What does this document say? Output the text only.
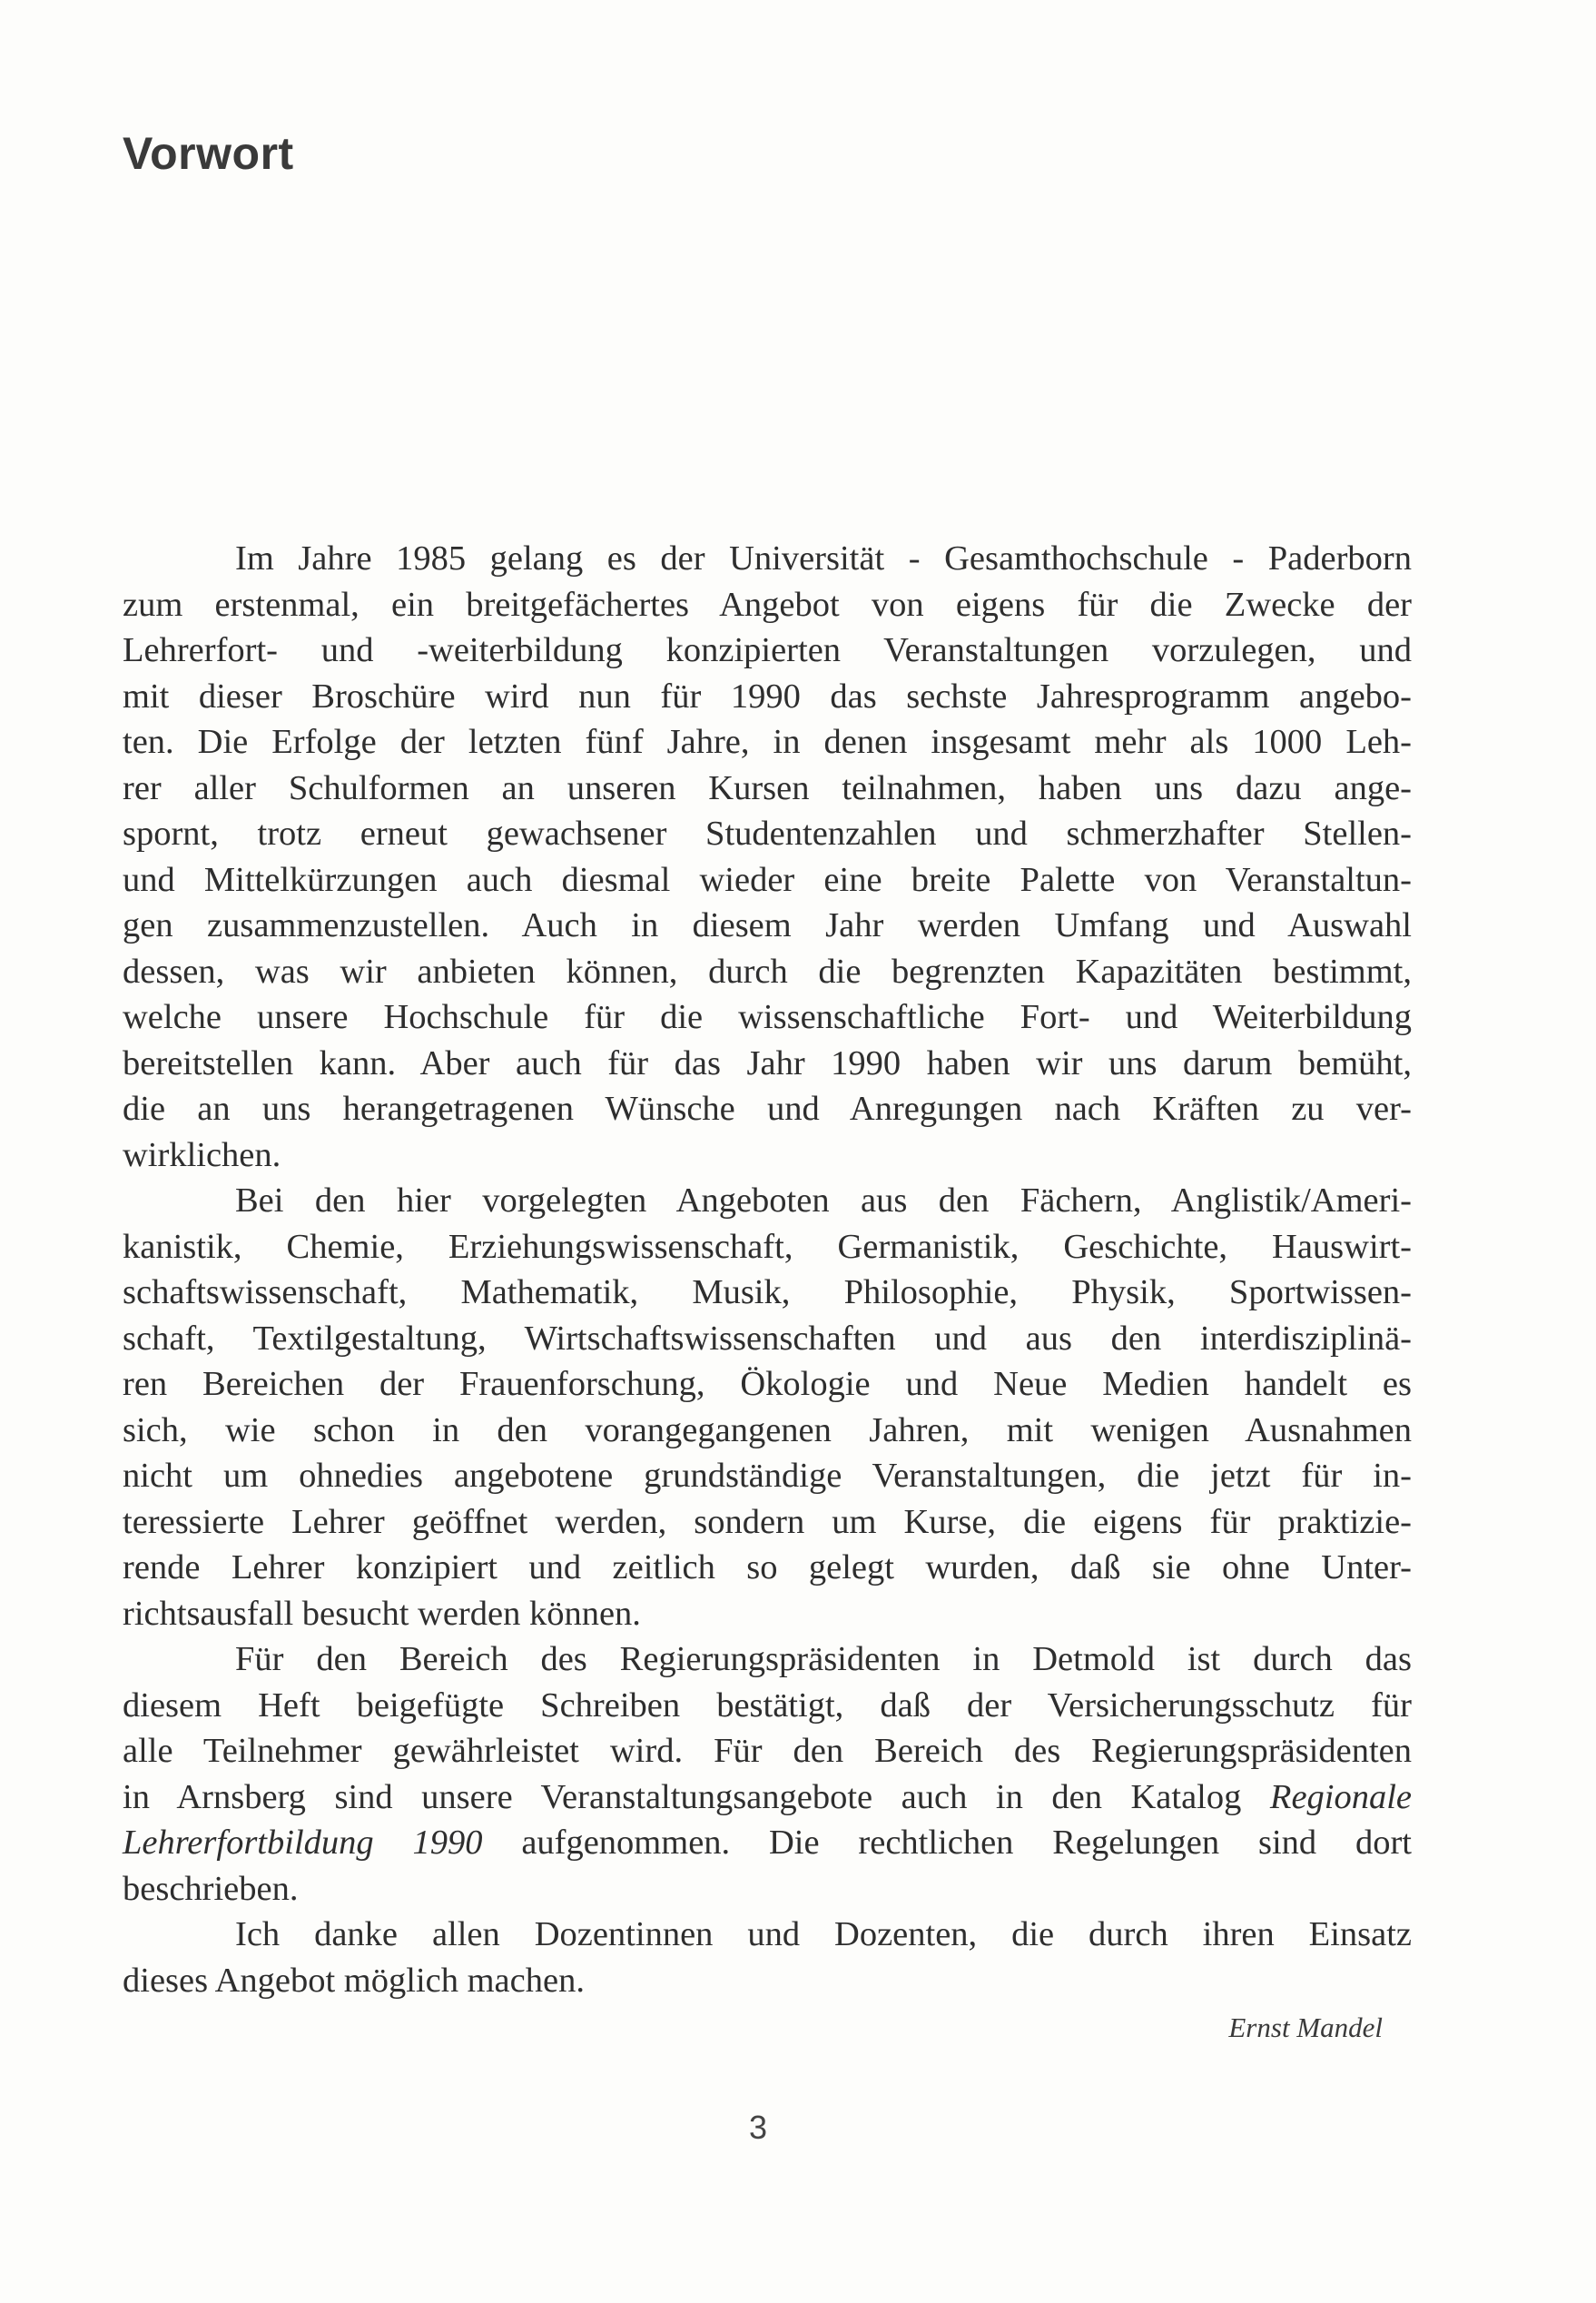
Vorwort

Im Jahre 1985 gelang es der Universität - Gesamthochschule - Paderborn
zum erstenmal, ein breitgefächertes Angebot von eigens für die Zwecke der
Lehrerfort- und -weiterbildung konzipierten Veranstaltungen vorzulegen, und
mit dieser Broschüre wird nun für 1990 das sechste Jahresprogramm angebo-
ten. Die Erfolge der letzten fünf Jahre, in denen insgesamt mehr als 1000 Leh-
rer aller Schulformen an unseren Kursen teilnahmen, haben uns dazu ange-
spornt, trotz erneut gewachsener Studentenzahlen und schmerzhafter Stellen-
und Mittelkürzungen auch diesmal wieder eine breite Palette von Veranstaltun-
gen zusammenzustellen. Auch in diesem Jahr werden Umfang und Auswahl
dessen, was wir anbieten können, durch die begrenzten Kapazitäten bestimmt,
welche unsere Hochschule für die wissenschaftliche Fort- und Weiterbildung
bereitstellen kann. Aber auch für das Jahr 1990 haben wir uns darum bemüht,
die an uns herangetragenen Wünsche und Anregungen nach Kräften zu ver-
wirklichen.

Bei den hier vorgelegten Angeboten aus den Fächern, Anglistik/Ameri-
kanistik, Chemie, Erziehungswissenschaft, Germanistik, Geschichte, Hauswirt-
schaftswissenschaft, Mathematik, Musik, Philosophie, Physik, Sportwissen-
schaft, Textilgestaltung, Wirtschaftswissenschaften und aus den interdisziplinä-
ren Bereichen der Frauenforschung, Ökologie und Neue Medien handelt es
sich, wie schon in den vorangegangenen Jahren, mit wenigen Ausnahmen
nicht um ohnedies angebotene grundständige Veranstaltungen, die jetzt für in-
teressierte Lehrer geöffnet werden, sondern um Kurse, die eigens für praktizie-
rende Lehrer konzipiert und zeitlich so gelegt wurden, daß sie ohne Unter-
richtsausfall besucht werden können.

Für den Bereich des Regierungspräsidenten in Detmold ist durch das
diesem Heft beigefügte Schreiben bestätigt, daß der Versicherungsschutz für
alle Teilnehmer gewährleistet wird. Für den Bereich des Regierungspräsidenten
in Arnsberg sind unsere Veranstaltungsangebote auch in den Katalog Regionale
Lehrerfortbildung 1990 aufgenommen. Die rechtlichen Regelungen sind dort
beschrieben.

Ich danke allen Dozentinnen und Dozenten, die durch ihren Einsatz
dieses Angebot möglich machen.

Ernst Mandel
3
